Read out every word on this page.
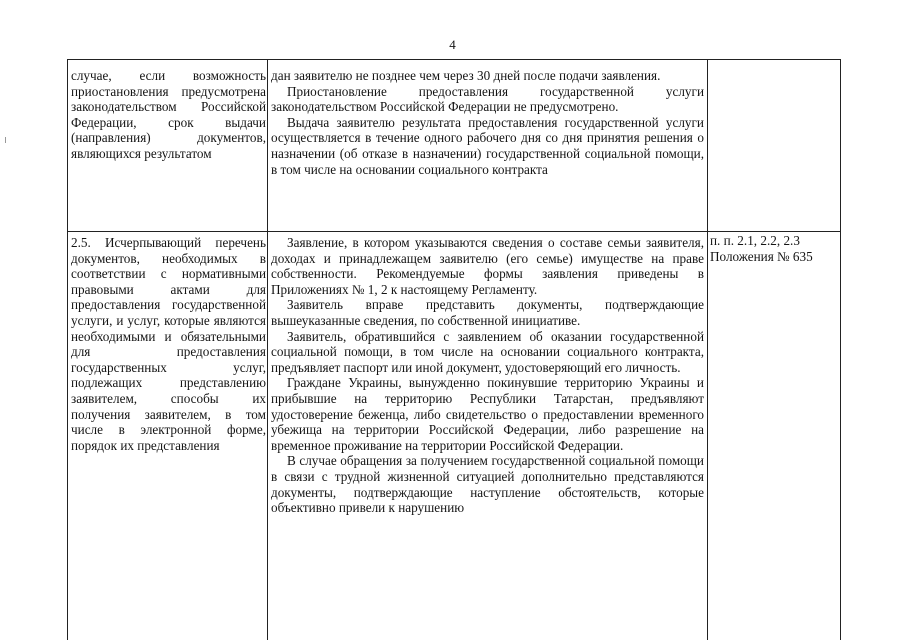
4
случае, если возможность приостановления предусмотрена законодательством Российской Федерации, срок выдачи (направления) документов, являющихся результатом

дан заявителю не позднее чем через 30 дней после подачи заявления.

Приостановление предоставления государственной услуги законодательством Российской Федерации не предусмотрено.

Выдача заявителю результата предоставления государственной услуги осуществляется в течение одного рабочего дня со дня принятия решения о назначении (об отказе в назначении) государственной социальной помощи, в том числе на основании социального контракта

2.5. Исчерпывающий перечень документов, необходимых в соответствии с нормативными правовыми актами для предоставления государственной услуги, и услуг, которые являются необходимыми и обязательными для предоставления государственных услуг, подлежащих представлению заявителем, способы их получения заявителем, в том числе в электронной форме, порядок их представления

Заявление, в котором указываются сведения о составе семьи заявителя, доходах и принадлежащем заявителю (его семье) имуществе на праве собственности. Рекомендуемые формы заявления приведены в Приложениях № 1, 2 к настоящему Регламенту.

Заявитель вправе представить документы, подтверждающие вышеуказанные сведения, по собственной инициативе.

Заявитель, обратившийся с заявлением об оказании государственной социальной помощи, в том числе на основании социального контракта, предъявляет паспорт или иной документ, удостоверяющий его личность.

Граждане Украины, вынужденно покинувшие территорию Украины и прибывшие на территорию Республики Татарстан, предъявляют удостоверение беженца, либо свидетельство о предоставлении временного убежища на территории Российской Федерации, либо разрешение на временное проживание на территории Российской Федерации.

В случае обращения за получением государственной социальной помощи в связи с трудной жизненной ситуацией дополнительно представляются документы, подтверждающие наступление обстоятельств, которые объективно привели к нарушению

п. п. 2.1, 2.2, 2.3
Положения № 635
